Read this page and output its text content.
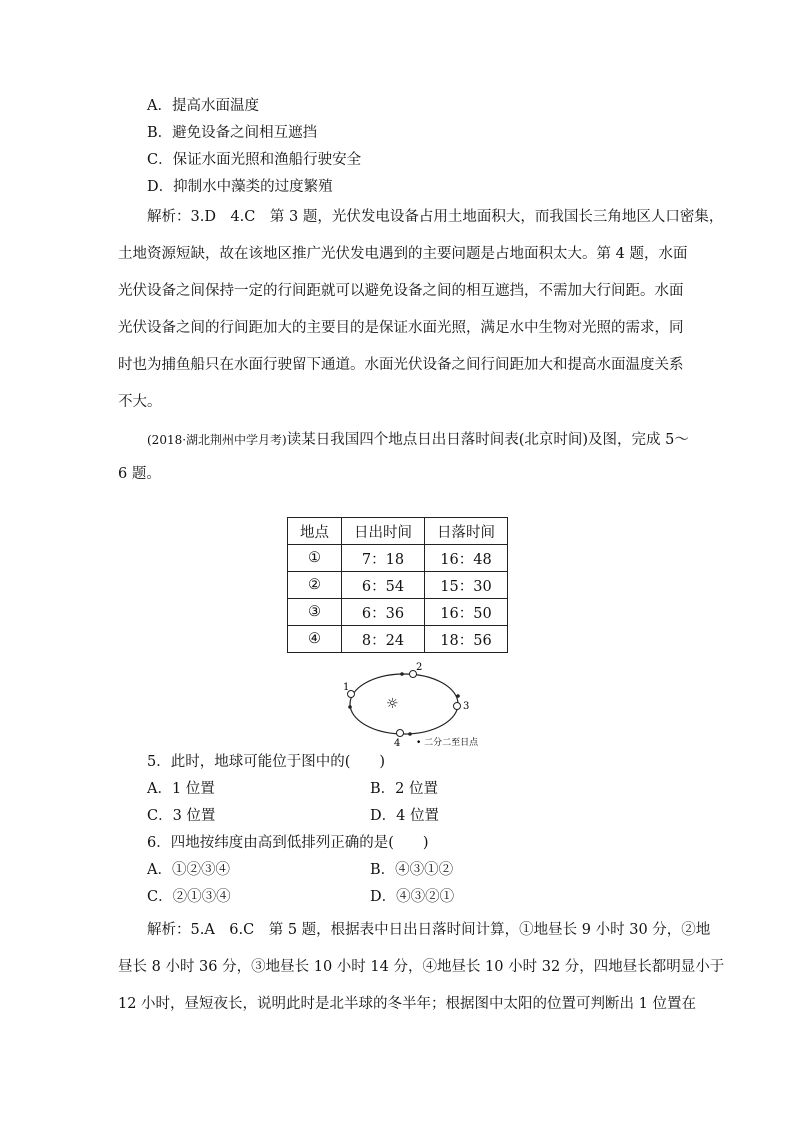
A．提高水面温度
B．避免设备之间相互遮挡
C．保证水面光照和渔船行驶安全
D．抑制水中藻类的过度繁殖
解析：3.D　4.C　第 3 题，光伏发电设备占用土地面积大，而我国长三角地区人口密集，
土地资源短缺，故在该地区推广光伏发电遇到的主要问题是占地面积太大。第 4 题，水面
光伏设备之间保持一定的行间距就可以避免设备之间的相互遮挡，不需加大行间距。水面
光伏设备之间的行间距加大的主要目的是保证水面光照，满足水中生物对光照的需求，同
时也为捕鱼船只在水面行驶留下通道。水面光伏设备之间行间距加大和提高水面温度关系
不大。
(2018·湖北荆州中学月考)读某日我国四个地点日出日落时间表(北京时间)及图，完成 5～
6 题。
地点	日出时间	日落时间
①	7：18	16：48
②	6：54	15：30
③	6：36	16：50
④	8：24	18：56
☼
1
2
3
4 • 二分二至日点
5．此时，地球可能位于图中的(　　)
A．1 位置	B．2 位置
C．3 位置	D．4 位置
6．四地按纬度由高到低排列正确的是(　　)
A．①②③④	B．④③①②
C．②①③④	D．④③②①
解析：5.A　6.C　第 5 题，根据表中日出日落时间计算，①地昼长 9 小时 30 分，②地
昼长 8 小时 36 分，③地昼长 10 小时 14 分，④地昼长 10 小时 32 分，四地昼长都明显小于
12 小时，昼短夜长，说明此时是北半球的冬半年；根据图中太阳的位置可判断出 1 位置在
